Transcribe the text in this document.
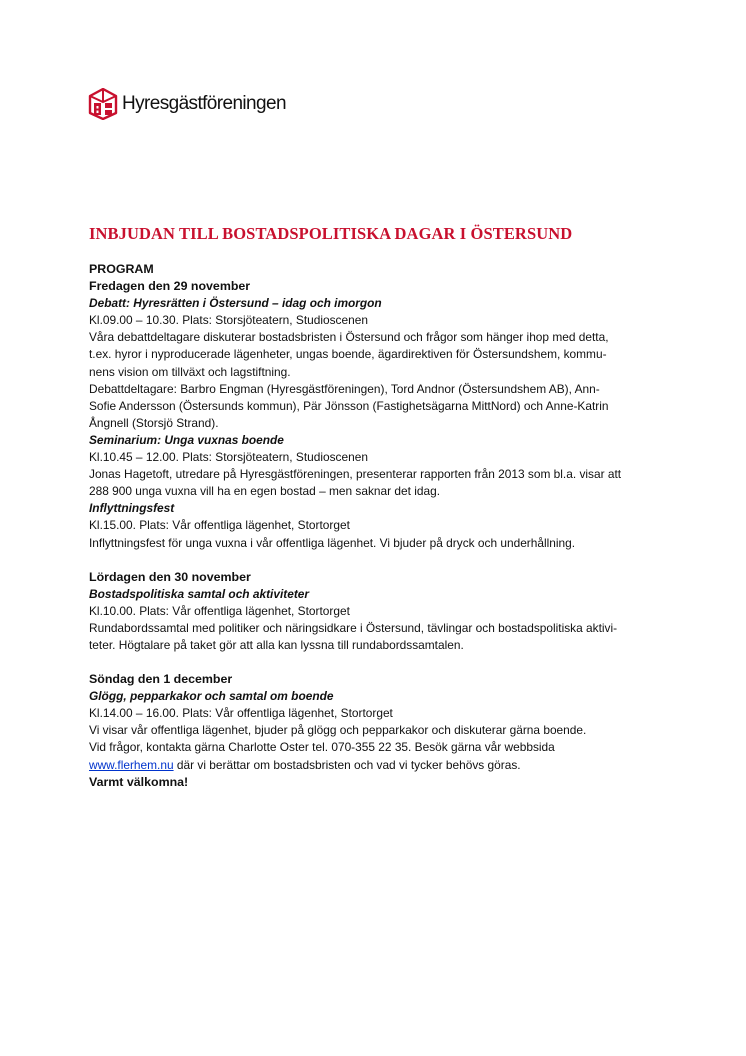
Hyresgästföreningen
INBJUDAN TILL BOSTADSPOLITISKA DAGAR I ÖSTERSUND
PROGRAM
Fredagen den 29 november
Debatt: Hyresrätten i Östersund – idag och imorgon
Kl.09.00 – 10.30. Plats: Storsjöteatern, Studioscenen
Våra debattdeltagare diskuterar bostadsbristen i Östersund och frågor som hänger ihop med detta,
t.ex. hyror i nyproducerade lägenheter, ungas boende, ägardirektiven för Östersundshem, kommu-
nens vision om tillväxt och lagstiftning.
Debattdeltagare: Barbro Engman (Hyresgästföreningen), Tord Andnor (Östersundshem AB), Ann-
Sofie Andersson (Östersunds kommun), Pär Jönsson (Fastighetsägarna MittNord) och Anne-Katrin
Ångnell (Storsjö Strand).
Seminarium: Unga vuxnas boende
Kl.10.45 – 12.00. Plats: Storsjöteatern, Studioscenen
Jonas Hagetoft, utredare på Hyresgästföreningen, presenterar rapporten från 2013 som bl.a. visar att
288 900 unga vuxna vill ha en egen bostad – men saknar det idag.
Inflyttningsfest
Kl.15.00. Plats: Vår offentliga lägenhet, Stortorget
Inflyttningsfest för unga vuxna i vår offentliga lägenhet. Vi bjuder på dryck och underhållning.
Lördagen den 30 november
Bostadspolitiska samtal och aktiviteter
Kl.10.00. Plats: Vår offentliga lägenhet, Stortorget
Rundabordssamtal med politiker och näringsidkare i Östersund, tävlingar och bostadspolitiska aktivi-
teter. Högtalare på taket gör att alla kan lyssna till rundabordssamtalen.
Söndag den 1 december
Glögg, pepparkakor och samtal om boende
Kl.14.00 – 16.00. Plats: Vår offentliga lägenhet, Stortorget
Vi visar vår offentliga lägenhet, bjuder på glögg och pepparkakor och diskuterar gärna boende.
Vid frågor, kontakta gärna Charlotte Oster tel. 070-355 22 35. Besök gärna vår webbsida
www.flerhem.nu där vi berättar om bostadsbristen och vad vi tycker behövs göras.
Varmt välkomna!
